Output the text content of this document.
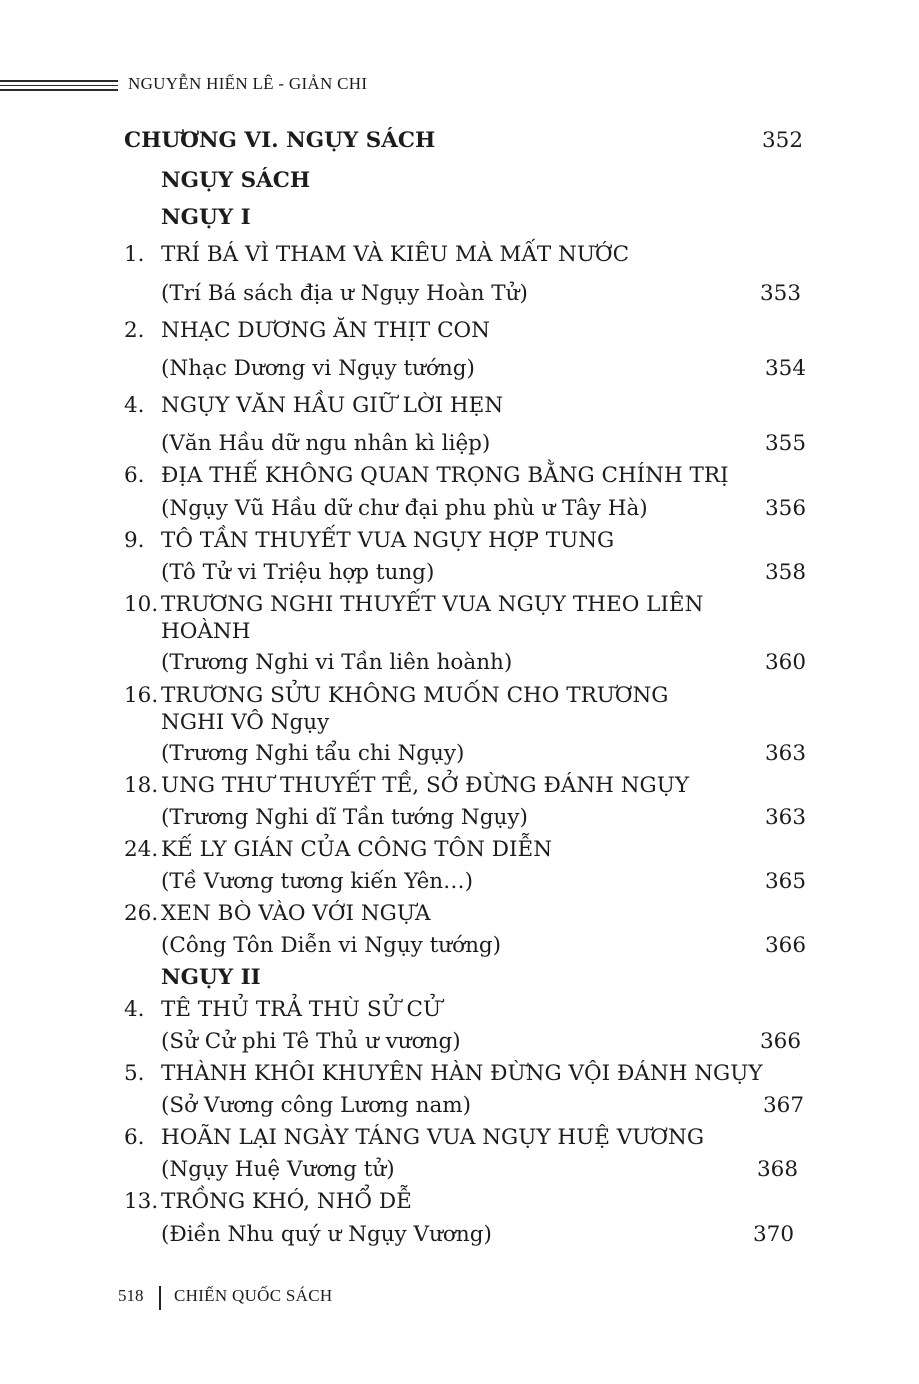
NGUYỄN HIẾN LÊ - GIẢN CHI
CHƯƠNG VI. NGỤY SÁCH	352
NGỤY SÁCH
NGỤY I
1. TRÍ BÁ VÌ THAM VÀ KIÊU MÀ MẤT NƯỚC
(Trí Bá sách địa ư Ngụy Hoàn Tử)	353
2. NHẠC DƯƠNG ĂN THỊT CON
(Nhạc Dương vi Ngụy tướng)	354
4. NGỤY VĂN HẦU GIỮ LỜI HẸN
(Văn Hầu dữ ngu nhân kì liệp)	355
6. ĐỊA THẾ KHÔNG QUAN TRỌNG BẰNG CHÍNH TRỊ
(Ngụy Vũ Hầu dữ chư đại phu phù ư Tây Hà)	356
9. TÔ TẦN THUYẾT VUA NGỤY HỢP TUNG
(Tô Tử vi Triệu hợp tung)	358
10. TRƯƠNG NGHI THUYẾT VUA NGỤY THEO LIÊN
HOÀNH
(Trương Nghi vi Tần liên hoành)	360
16. TRƯƠNG SỬU KHÔNG MUỐN CHO TRƯƠNG
NGHI VÔ Ngụy
(Trương Nghi tẩu chi Ngụy)	363
18. UNG THƯ THUYẾT TỀ, SỞ ĐỪNG ĐÁNH NGỤY
(Trương Nghi dĩ Tần tướng Ngụy)	363
24. KẾ LY GIÁN CỦA CÔNG TÔN DIỄN
(Tề Vương tương kiến Yên…)	365
26. XEN BÒ VÀO VỚI NGỰA
(Công Tôn Diễn vi Ngụy tướng)	366
NGỤY II
4. TÊ THỦ TRẢ THÙ SỬ CỬ
(Sử Cử phi Tê Thủ ư vương)	366
5. THÀNH KHÔI KHUYÊN HÀN ĐỪNG VỘI ĐÁNH NGỤY
(Sở Vương công Lương nam)	367
6. HOÃN LẠI NGÀY TÁNG VUA NGỤY HUỆ VƯƠNG
(Ngụy Huệ Vương tử)	368
13. TRỒNG KHÓ, NHỔ DỄ
(Điền Nhu quý ư Ngụy Vương)	370
518 CHIẾN QUỐC SÁCH
